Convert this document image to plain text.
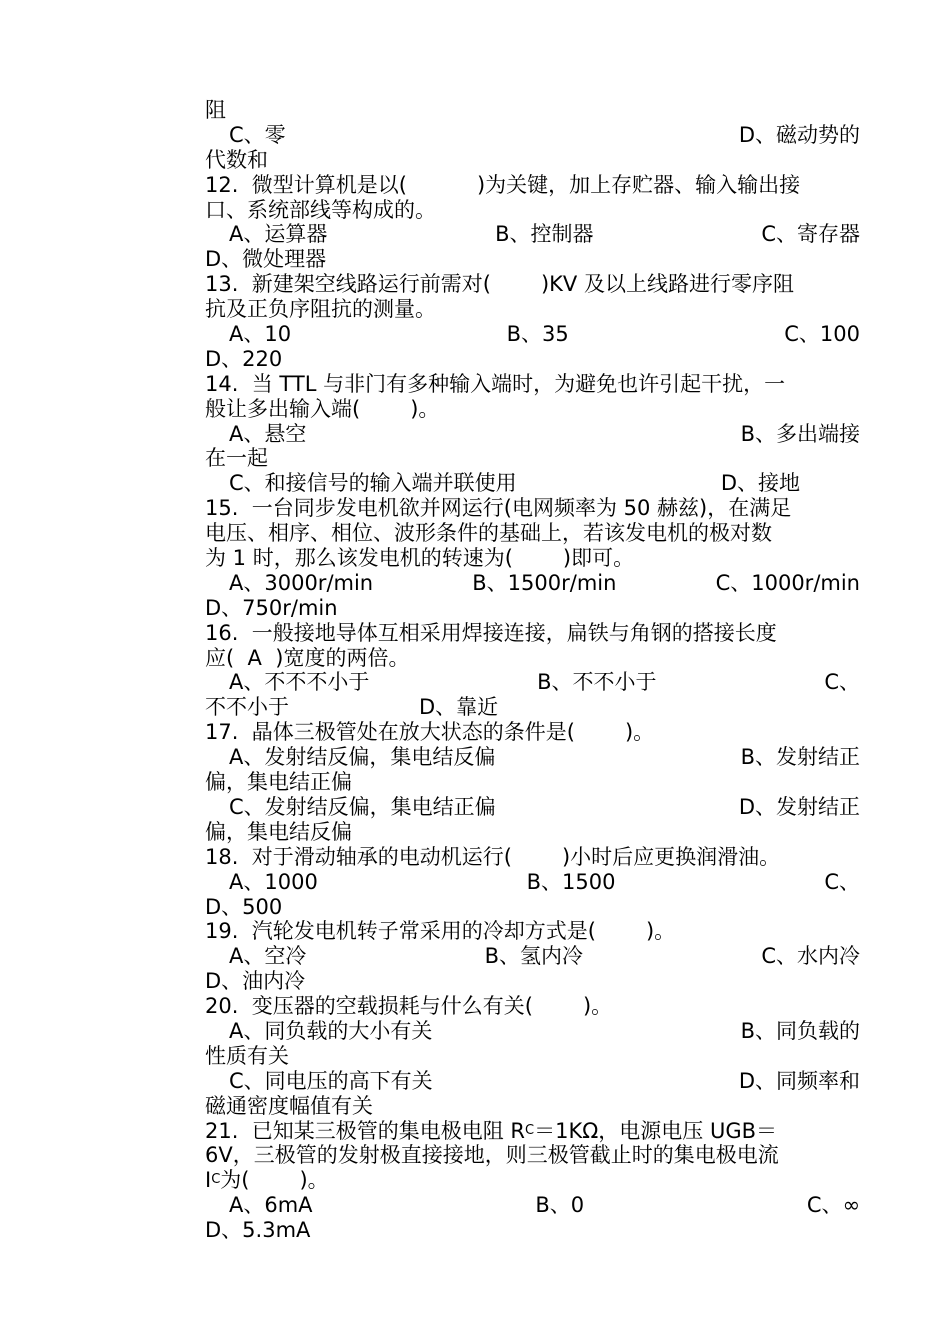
阻
C、零	D、磁动势的
代数和
12.  微型计算机是以(	)为关键，加上存贮器、输入输出接
口、系统部线等构成的。
A、运算器	B、控制器	C、寄存器
D、微处理器
13.  新建架空线路运行前需对( )KV 及以上线路进行零序阻
抗及正负序阻抗的测量。
A、10	B、35	C、100
D、220
14.  当 TTL 与非门有多种输入端时，为避免也许引起干扰，一
般让多出输入端( )。
A、悬空	B、多出端接
在一起
C、和接信号的输入端并联使用	D、接地
15.  一台同步发电机欲并网运行(电网频率为 50 赫兹)，在满足
电压、相序、相位、波形条件的基础上，若该发电机的极对数
为 1 时，那么该发电机的转速为( )即可。
A、3000r/min	B、1500r/min	C、1000r/min
D、750r/min
16.  一般接地导体互相采用焊接连接，扁铁与角钢的搭接长度
应(  A  )宽度的两倍。
A、不不不小于	B、不不小于	C、
不不小于	D、靠近
17.  晶体三极管处在放大状态的条件是( )。
A、发射结反偏，集电结反偏	B、发射结正
偏，集电结正偏
C、发射结反偏，集电结正偏	D、发射结正
偏，集电结反偏
18.  对于滑动轴承的电动机运行( )小时后应更换润滑油。
A、1000	B、1500	C、
D、500
19.  汽轮发电机转子常采用的冷却方式是( )。
A、空冷	B、氢内冷	C、水内冷
D、油内冷
20.  变压器的空载损耗与什么有关( )。
A、同负载的大小有关	B、同负载的
性质有关
C、同电压的高下有关	D、同频率和
磁通密度幅值有关
21.  已知某三极管的集电极电阻 R C ＝1KΩ，电源电压 UGB＝
6V，三极管的发射极直接接地，则三极管截止时的集电极电流
I C 为( )。
A、6mA	B、0	C、∞
D、5.3mA
